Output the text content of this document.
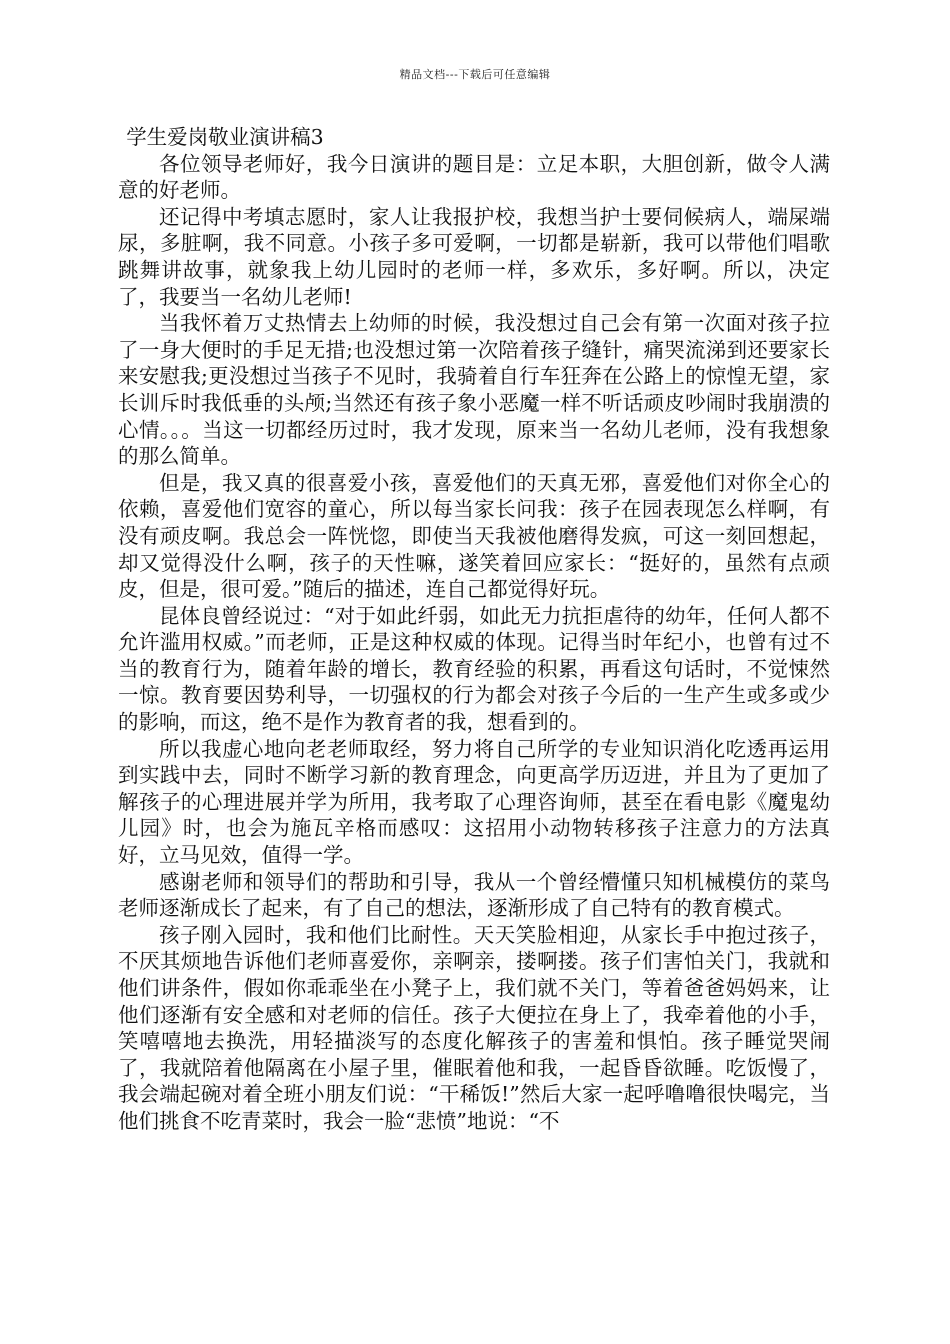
精品文档---下载后可任意编辑

学生爱岗敬业演讲稿3

各位领导老师好，我今日演讲的题目是：立足本职，大胆创新，做令人满意的好老师。

还记得中考填志愿时，家人让我报护校，我想当护士要伺候病人，端屎端尿，多脏啊，我不同意。小孩子多可爱啊，一切都是崭新，我可以带他们唱歌跳舞讲故事，就象我上幼儿园时的老师一样，多欢乐，多好啊。所以，决定了，我要当一名幼儿老师!

当我怀着万丈热情去上幼师的时候，我没想过自己会有第一次面对孩子拉了一身大便时的手足无措;也没想过第一次陪着孩子缝针，痛哭流涕到还要家长来安慰我;更没想过当孩子不见时，我骑着自行车狂奔在公路上的惊惶无望，家长训斥时我低垂的头颅;当然还有孩子象小恶魔一样不听话顽皮吵闹时我崩溃的心情。。。当这一切都经历过时，我才发现，原来当一名幼儿老师，没有我想象的那么简单。

但是，我又真的很喜爱小孩，喜爱他们的天真无邪，喜爱他们对你全心的依赖，喜爱他们宽容的童心，所以每当家长问我：孩子在园表现怎么样啊，有没有顽皮啊。我总会一阵恍惚，即使当天我被他磨得发疯，可这一刻回想起，却又觉得没什么啊，孩子的天性嘛，遂笑着回应家长：“挺好的，虽然有点顽皮，但是，很可爱。”随后的描述，连自己都觉得好玩。

昆体良曾经说过：“对于如此纤弱，如此无力抗拒虐待的幼年，任何人都不允许滥用权威。”而老师，正是这种权威的体现。记得当时年纪小，也曾有过不当的教育行为，随着年龄的增长，教育经验的积累，再看这句话时，不觉悚然一惊。教育要因势利导，一切强权的行为都会对孩子今后的一生产生或多或少的影响，而这，绝不是作为教育者的我，想看到的。

所以我虚心地向老老师取经，努力将自己所学的专业知识消化吃透再运用到实践中去，同时不断学习新的教育理念，向更高学历迈进，并且为了更加了解孩子的心理进展并学为所用，我考取了心理咨询师，甚至在看电影《魔鬼幼儿园》时，也会为施瓦辛格而感叹：这招用小动物转移孩子注意力的方法真好，立马见效，值得一学。

感谢老师和领导们的帮助和引导，我从一个曾经懵懂只知机械模仿的菜鸟老师逐渐成长了起来，有了自己的想法，逐渐形成了自己特有的教育模式。

孩子刚入园时，我和他们比耐性。天天笑脸相迎，从家长手中抱过孩子，不厌其烦地告诉他们老师喜爱你，亲啊亲，搂啊搂。孩子们害怕关门，我就和他们讲条件，假如你乖乖坐在小凳子上，我们就不关门，等着爸爸妈妈来，让他们逐渐有安全感和对老师的信任。孩子大便拉在身上了，我牵着他的小手，笑嘻嘻地去换洗，用轻描淡写的态度化解孩子的害羞和惧怕。孩子睡觉哭闹了，我就陪着他隔离在小屋子里，催眠着他和我，一起昏昏欲睡。吃饭慢了，我会端起碗对着全班小朋友们说：“干稀饭!”然后大家一起呼噜噜很快喝完，当他们挑食不吃青菜时，我会一脸“悲愤”地说：“不
